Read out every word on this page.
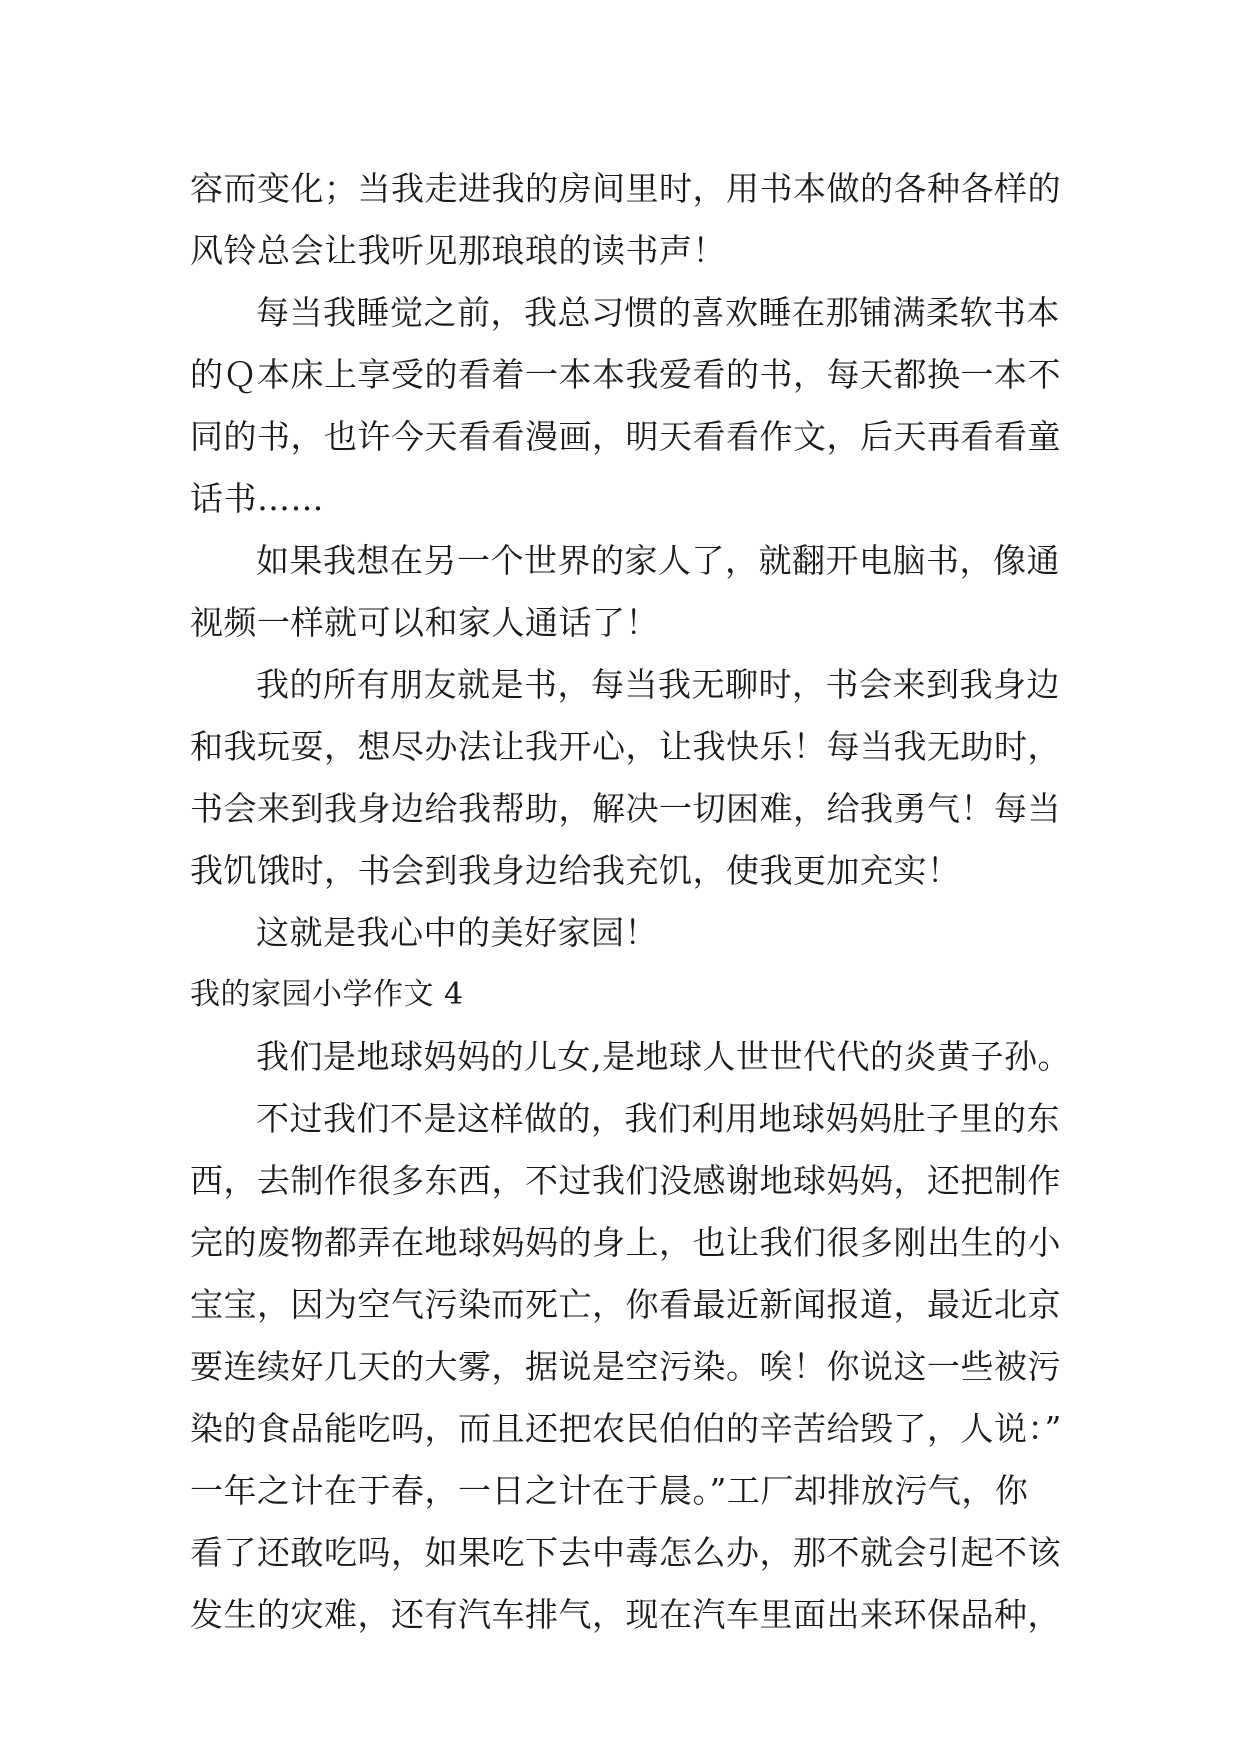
容而变化；当我走进我的房间里时，用书本做的各种各样的
风铃总会让我听见那琅琅的读书声！
每当我睡觉之前，我总习惯的喜欢睡在那铺满柔软书本
的Ｑ本床上享受的看着一本本我爱看的书，每天都换一本不
同的书，也许今天看看漫画，明天看看作文，后天再看看童
话书……
如果我想在另一个世界的家人了，就翻开电脑书，像通
视频一样就可以和家人通话了！
我的所有朋友就是书，每当我无聊时，书会来到我身边
和我玩耍，想尽办法让我开心，让我快乐！每当我无助时，
书会来到我身边给我帮助，解决一切困难，给我勇气！每当
我饥饿时，书会到我身边给我充饥，使我更加充实！
这就是我心中的美好家园！
我的家园小学作文 4
我们是地球妈妈的儿女,是地球人世世代代的炎黄子孙。
不过我们不是这样做的，我们利用地球妈妈肚子里的东
西，去制作很多东西，不过我们没感谢地球妈妈，还把制作
完的废物都弄在地球妈妈的身上，也让我们很多刚出生的小
宝宝，因为空气污染而死亡，你看最近新闻报道，最近北京
要连续好几天的大雾，据说是空污染。唉！你说这一些被污
染的食品能吃吗，而且还把农民伯伯的辛苦给毁了，人说：”
一年之计在于春，一日之计在于晨。”工厂却排放污气，你
看了还敢吃吗，如果吃下去中毒怎么办，那不就会引起不该
发生的灾难，还有汽车排气，现在汽车里面出来环保品种，
